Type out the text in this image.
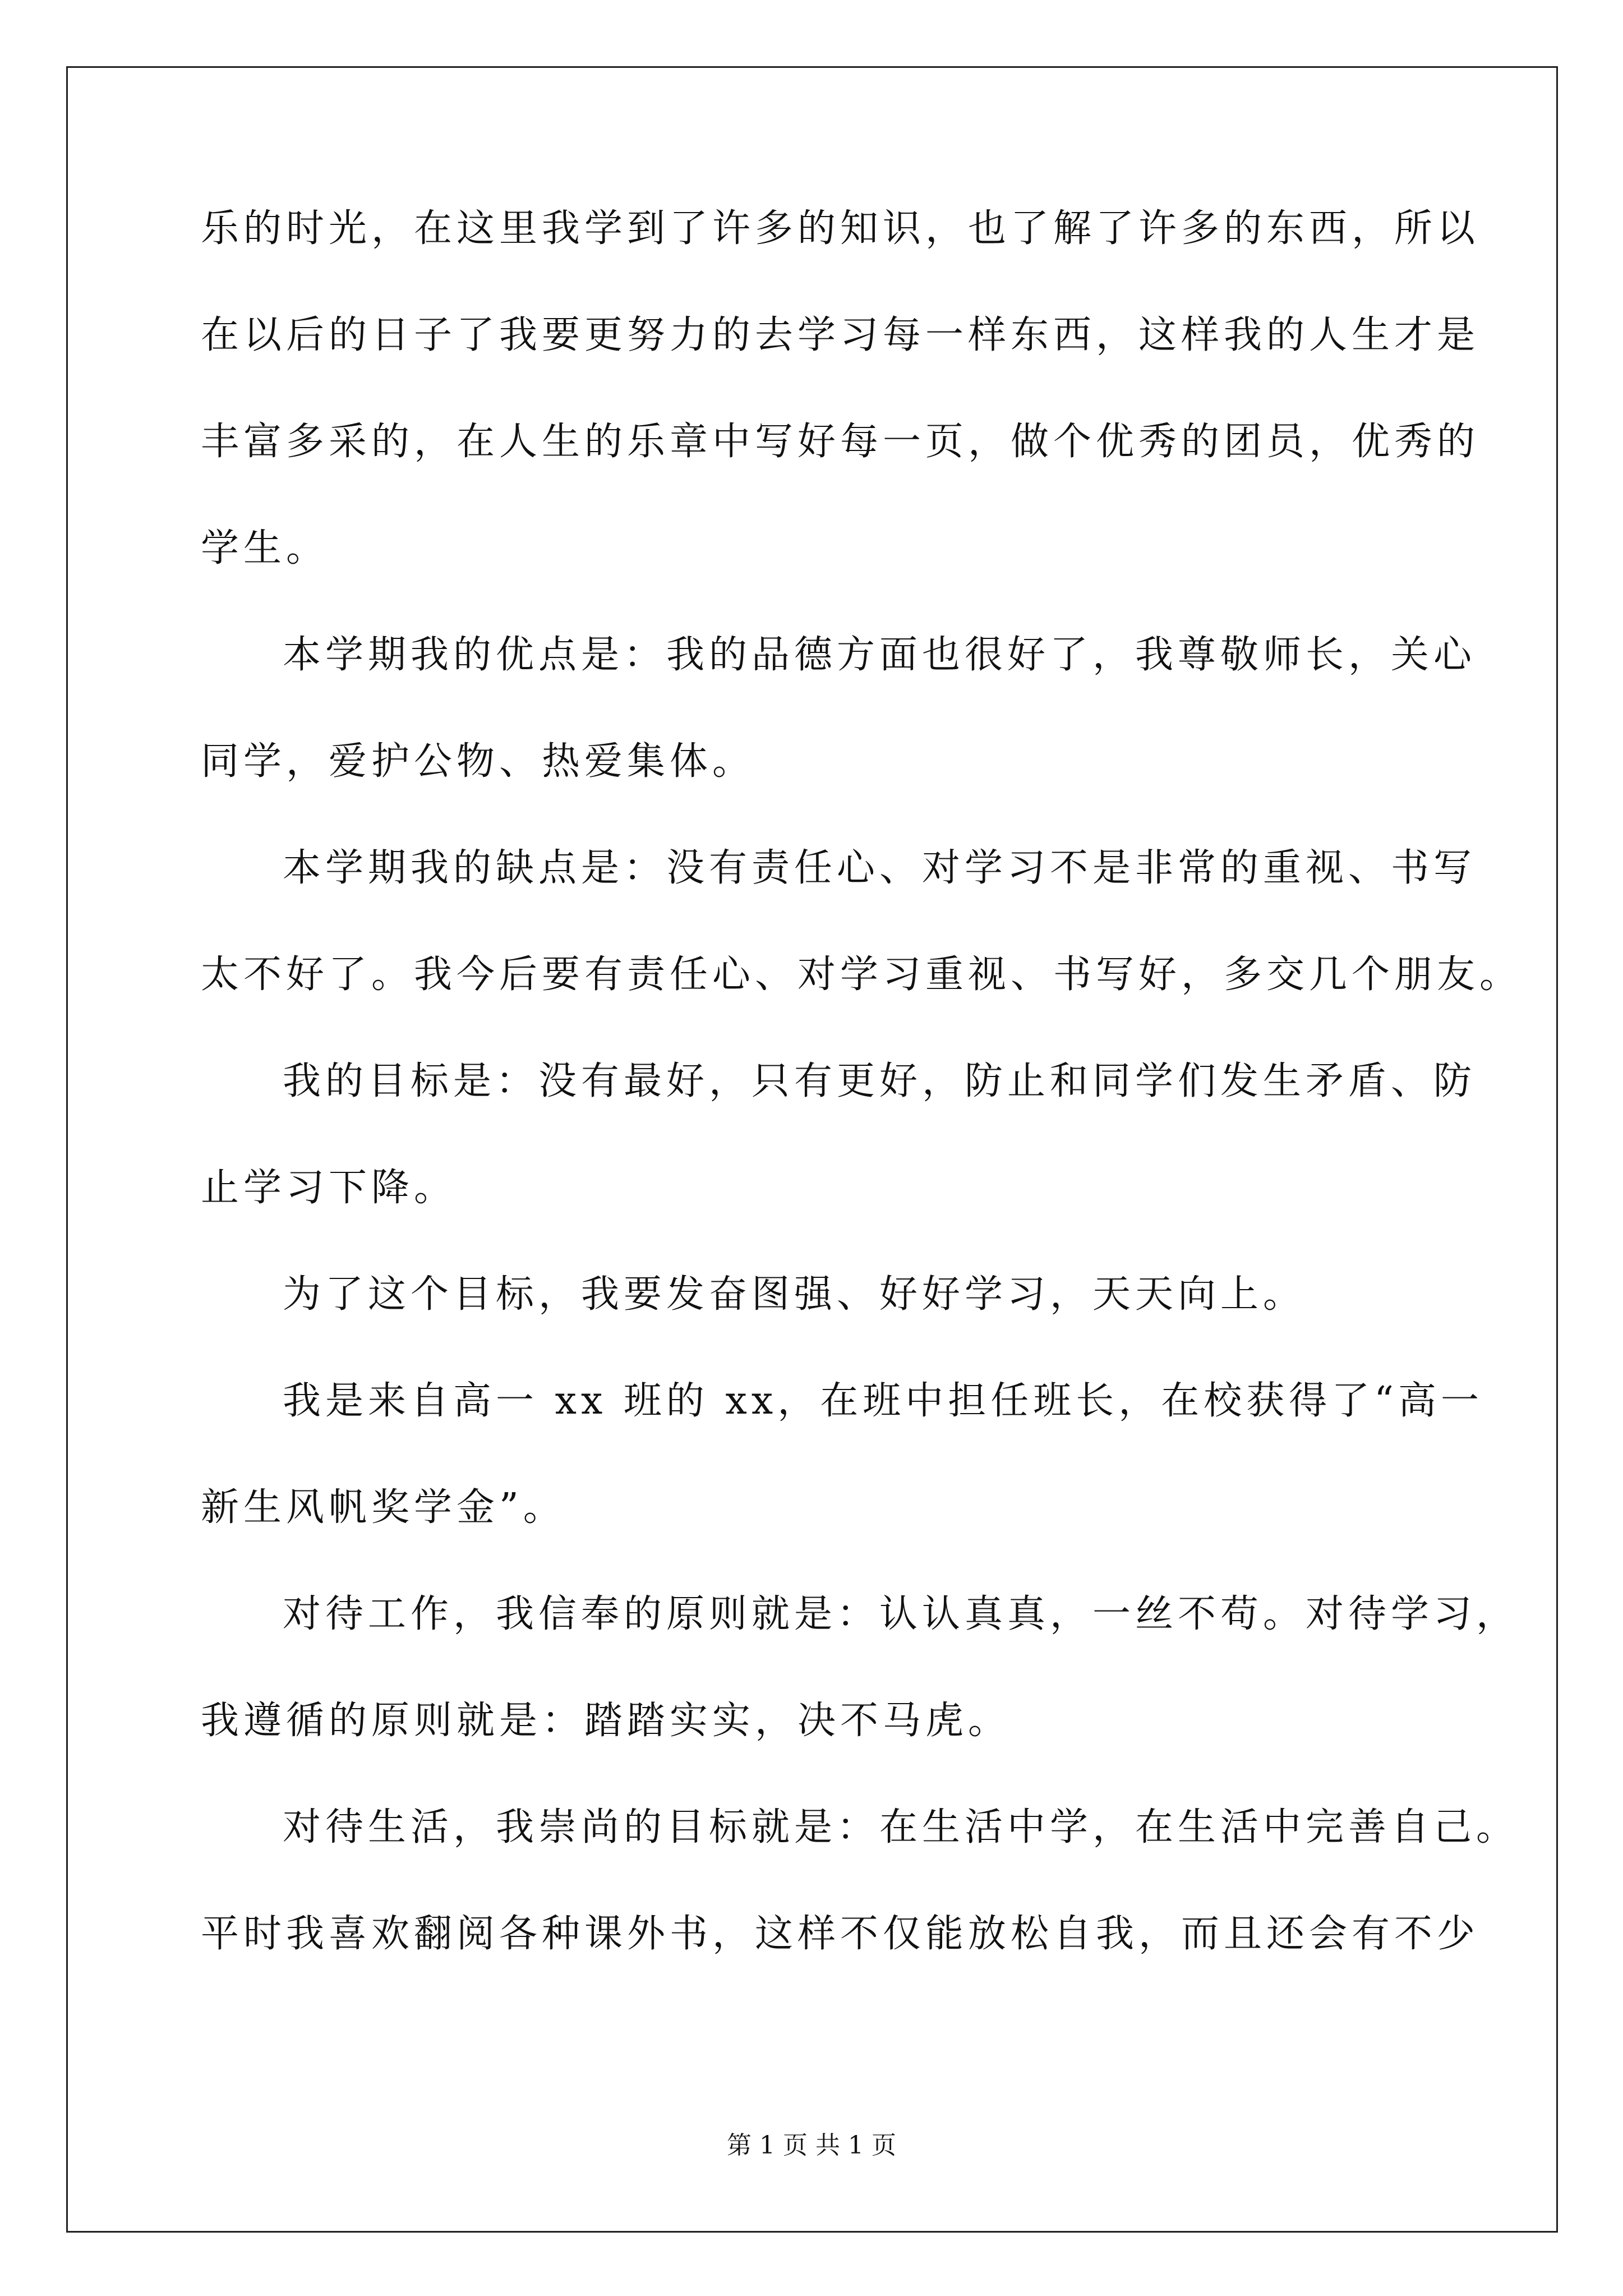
乐的时光，在这里我学到了许多的知识，也了解了许多的东西，所以
在以后的日子了我要更努力的去学习每一样东西，这样我的人生才是
丰富多采的，在人生的乐章中写好每一页，做个优秀的团员，优秀的
学生。
本学期我的优点是：我的品德方面也很好了，我尊敬师长，关心
同学，爱护公物、热爱集体。
本学期我的缺点是：没有责任心、对学习不是非常的重视、书写
太不好了。我今后要有责任心、对学习重视、书写好，多交几个朋友。
我的目标是：没有最好，只有更好，防止和同学们发生矛盾、防
止学习下降。
为了这个目标，我要发奋图强、好好学习，天天向上。
我是来自高一 xx 班的 xx，在班中担任班长，在校获得了“高一
新生风帆奖学金”。
对待工作，我信奉的原则就是：认认真真，一丝不苟。对待学习，
我遵循的原则就是：踏踏实实，决不马虎。
对待生活，我崇尚的目标就是：在生活中学，在生活中完善自己。
平时我喜欢翻阅各种课外书，这样不仅能放松自我，而且还会有不少
第 1 页 共 1 页
